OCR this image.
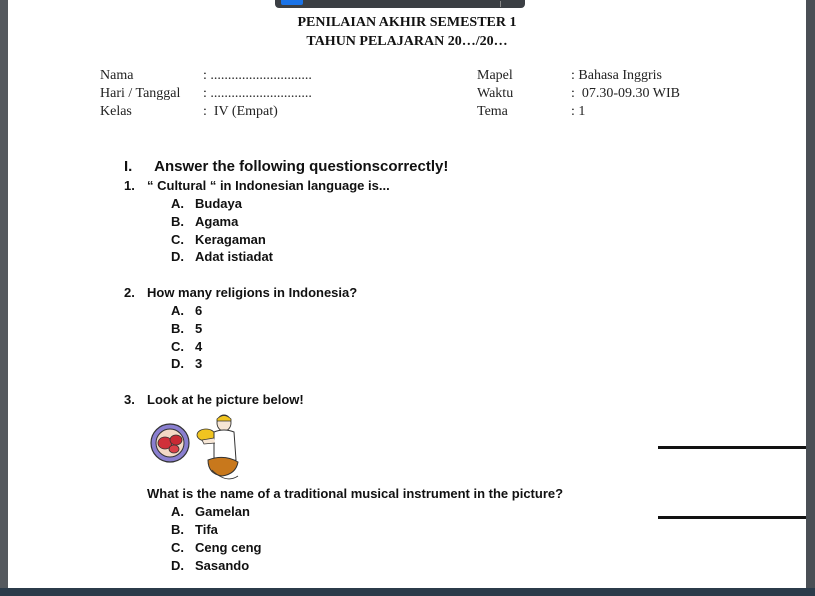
PENILAIAN AKHIR SEMESTER 1
TAHUN PELAJARAN 20…/20…
Nama	: .............................
Hari / Tanggal : .............................
Kelas	:  IV (Empat)
Mapel	: Bahasa Inggris
Waktu	:  07.30-09.30 WIB
Tema	: 1
I. Answer the following questionscorrectly!
1. “ Cultural “ in Indonesian language is...
A. Budaya
B. Agama
C. Keragaman
D. Adat istiadat
2. How many religions in Indonesia?
A. 6
B. 5
C. 4
D. 3
3. Look at he picture below!
What is the name of a traditional musical instrument in the picture?
A. Gamelan
B. Tifa
C. Ceng ceng
D. Sasando
